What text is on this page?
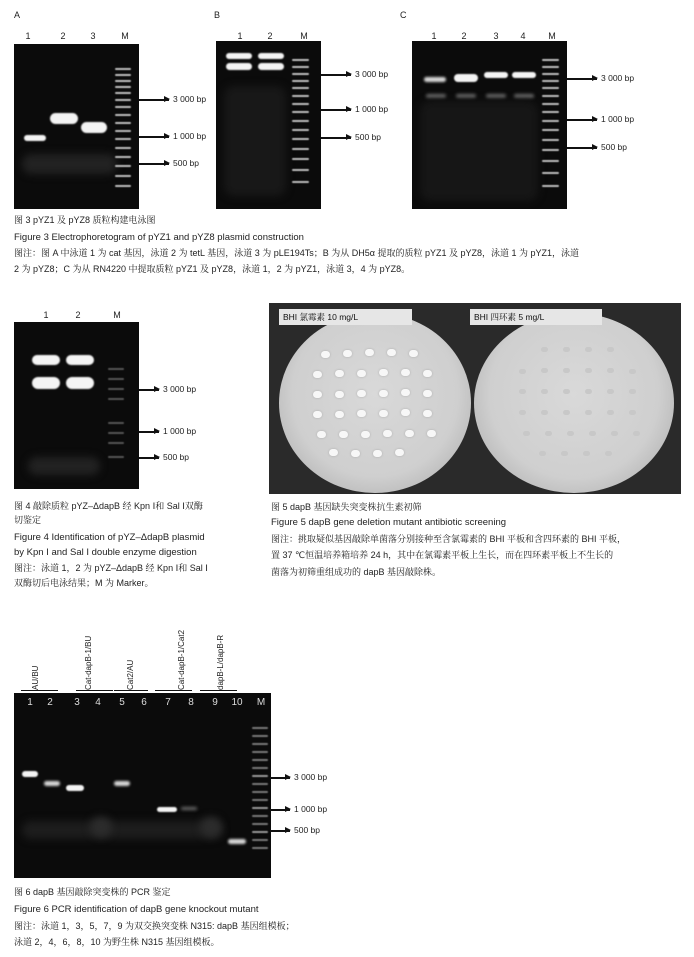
A
1	2	3	M
3 000 bp
1 000 bp
500 bp
B
1	2	M
3 000 bp
1 000 bp
500 bp
C
1	2	3	4	M
3 000 bp
1 000 bp
500 bp
图 3 pYZ1 及 pYZ8 质粒构建电泳图
Figure 3 Electrophoretogram of pYZ1 and pYZ8 plasmid construction
图注：图 A 中泳道 1 为 cat 基因，泳道 2 为 tetL 基因，泳道 3 为 pLE194Ts；B 为从 DH5α 提取的质粒 pYZ1 及 pYZ8，泳道 1 为 pYZ1，泳道
2 为 pYZ8；C 为从 RN4220 中提取质粒 pYZ1 及 pYZ8，泳道 1，2 为 pYZ1，泳道 3，4 为 pYZ8。
1	2	M
3 000 bp
1 000 bp
500 bp
图 4 敲除质粒 pYZ–ΔdapB 经 Kpn Ⅰ和 Sal Ⅰ双酶
切鉴定
Figure 4 Identification of pYZ–ΔdapB plasmid
by Kpn I and Sal I double enzyme digestion
图注：泳道 1，2 为 pYZ–ΔdapB 经 Kpn Ⅰ和 Sal Ⅰ
双酶切后电泳结果；M 为 Marker。
BHI 氯霉素 10 mg/L	BHI 四环素 5 mg/L
图 5 dapB 基因缺失突变株抗生素初筛
Figure 5 dapB gene deletion mutant antibiotic screening
图注：挑取疑似基因敲除单菌落分别接种至含氯霉素的 BHI 平板和含四环素的 BHI 平板，
置 37 ℃恒温培养箱培养 24 h，其中在氯霉素平板上生长，而在四环素平板上不生长的
菌落为初筛重组成功的 dapB 基因敲除株。
AU/BU	Cat-dapB-1/BU	Cat2/AU	Cat-dapB-1/Cat2	dapB-L/dapB-R
1	2	3	4	5	6	7	8	9	10	M
3 000 bp
1 000 bp
500 bp
图 6 dapB 基因敲除突变株的 PCR 鉴定
Figure 6 PCR identification of dapB gene knockout mutant
图注：泳道 1，3，5，7，9 为双交换突变株 N315: dapB 基因组模板；
泳道 2，4，6，8，10 为野生株 N315 基因组模板。
